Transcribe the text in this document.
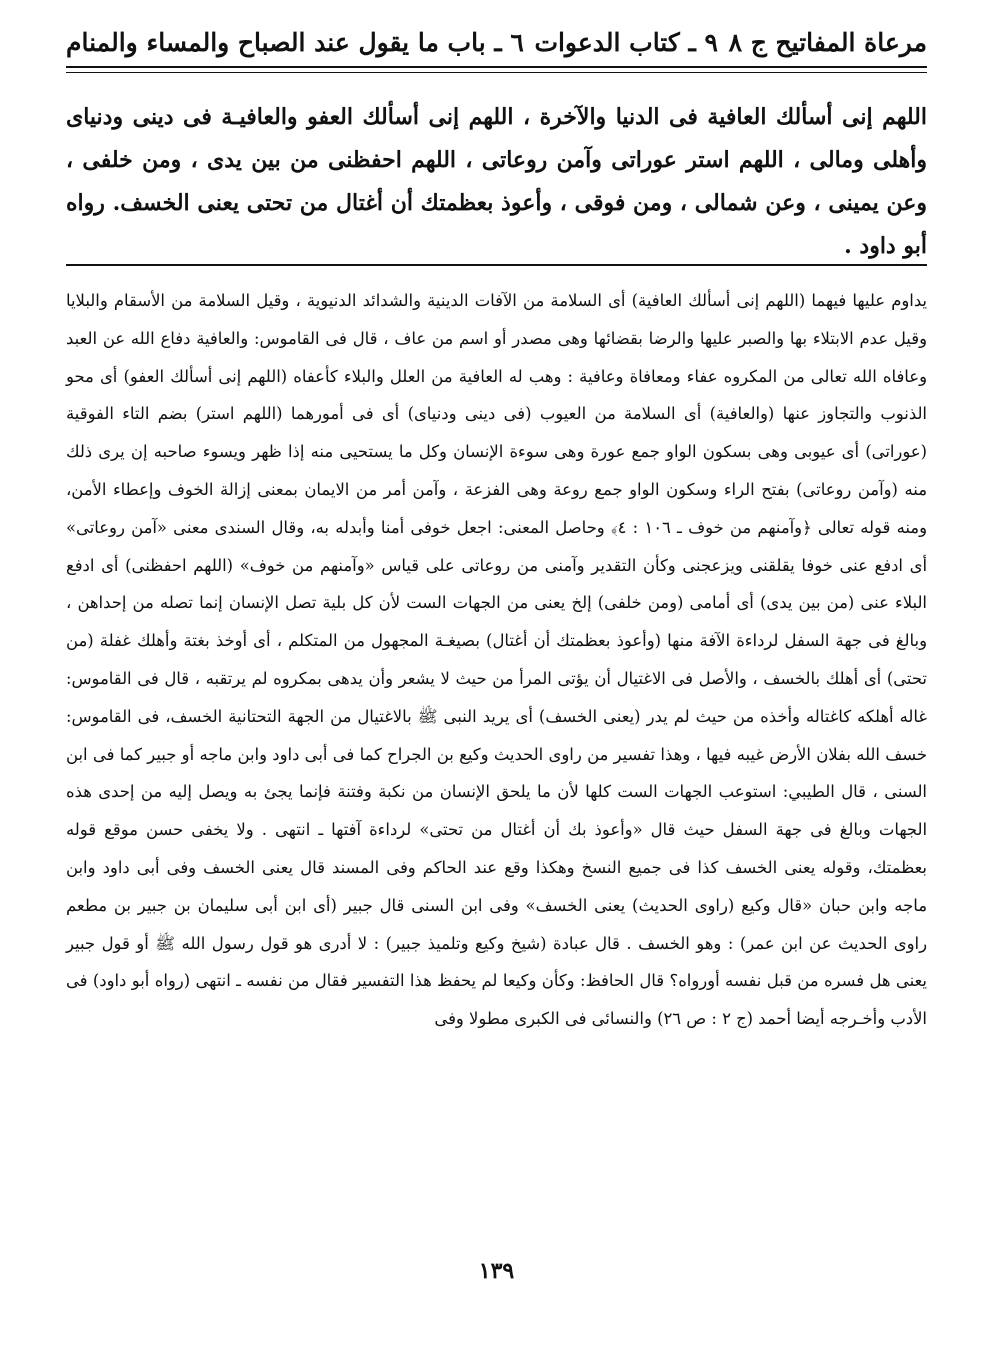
مرعاة المفاتيح ج ٨
٩ ـ كتاب الدعوات
٦ ـ باب ما يقول عند الصباح والمساء والمنام
اللهم إنى أسألك العافية فى الدنيا والآخرة ، اللهم إنى أسألك العفو والعافيـة فى دينى ودنياى وأهلى ومالى ، اللهم استر عوراتى وآمن روعاتى ، اللهم احفظنى من بين يدى ، ومن خلفى ، وعن يمينى ، وعن شمالى ، ومن فوقى ، وأعوذ بعظمتك أن أغتال من تحتى يعنى الخسف. رواه أبو داود .

يداوم عليها فيهما (اللهم إنى أسألك العافية) أى السلامة من الآفات الدينية والشدائد الدنيوية ، وقيل السلامة من الأسقام والبلايا وقيل عدم الابتلاء بها والصبر عليها والرضا بقضائها وهى مصدر أو اسم من عاف ، قال فى القاموس: والعافية دفاع الله عن العبد وعافاه الله تعالى من المكروه عفاء ومعافاة وعافية : وهب له العافية من العلل والبلاء كأعفاه (اللهم إنى أسألك العفو) أى محو الذنوب والتجاوز عنها (والعافية) أى السلامة من العيوب (فى دينى ودنياى) أى فى أمورهما (اللهم استر) بضم التاء الفوقية (عوراتى) أى عيوبى وهى بسكون الواو جمع عورة وهى سوءة الإنسان وكل ما يستحيى منه إذا ظهر ويسوء صاحبه إن يرى ذلك منه (وآمن روعاتى) بفتح الراء وسكون الواو جمع روعة وهى الفزعة ، وآمن أمر من الايمان بمعنى إزالة الخوف وإعطاء الأمن، ومنه قوله تعالى ﴿وآمنهم من خوف ـ ١٠٦ : ٤﴾ وحاصل المعنى: اجعل خوفى أمنا وأبدله به، وقال السندى معنى «آمن روعاتى» أى ادفع عنى خوفا يقلقنى ويزعجنى وكأن التقدير وآمنى من روعاتى على قياس «وآمنهم من خوف» (اللهم احفظنى) أى ادفع البلاء عنى (من بين يدى) أى أمامى (ومن خلفى) إلخ يعنى من الجهات الست لأن كل بلية تصل الإنسان إنما تصله من إحداهن ، وبالغ فى جهة السفل لرداءة الآفة منها (وأعوذ بعظمتك أن أغتال) بصيغـة المجهول من المتكلم ، أى أوخذ بغتة وأهلك غفلة (من تحتى) أى أهلك بالخسف ، والأصل فى الاغتيال أن يؤتى المرأ من حيث لا يشعر وأن يدهى بمكروه لم يرتقبه ، قال فى القاموس: غاله أهلكه كاغتاله وأخذه من حيث لم يدر (يعنى الخسف) أى يريد النبى ﷺ بالاغتيال من الجهة التحتانية الخسف، فى القاموس: خسف الله بفلان الأرض غيبه فيها ، وهذا تفسير من راوى الحديث وكيع بن الجراح كما فى أبى داود وابن ماجه أو جبير كما فى ابن السنى ، قال الطيبي: استوعب الجهات الست كلها لأن ما يلحق الإنسان من نكبة وفتنة فإنما يجئ به ويصل إليه من إحدى هذه الجهات وبالغ فى جهة السفل حيث قال «وأعوذ بك أن أغتال من تحتى» لرداءة آفتها ـ انتهى . ولا يخفى حسن موقع قوله بعظمتك، وقوله يعنى الخسف كذا فى جميع النسخ وهكذا وقع عند الحاكم وفى المسند قال يعنى الخسف وفى أبى داود وابن ماجه وابن حبان «قال وكيع (راوى الحديث) يعنى الخسف» وفى ابن السنى قال جبير (أى ابن أبى سليمان بن جبير بن مطعم راوى الحديث عن ابن عمر) : وهو الخسف . قال عبادة (شيخ وكيع وتلميذ جبير) : لا أدرى هو قول رسول الله ﷺ أو قول جبير يعنى هل فسره من قبل نفسه أورواه؟ قال الحافظ: وكأن وكيعا لم يحفظ هذا التفسير فقال من نفسه ـ انتهى (رواه أبو داود) فى الأدب وأخـرجه أيضا أحمد (ج ٢ : ص ٢٦) والنسائى فى الكبرى مطولا وفى

١٣٩
